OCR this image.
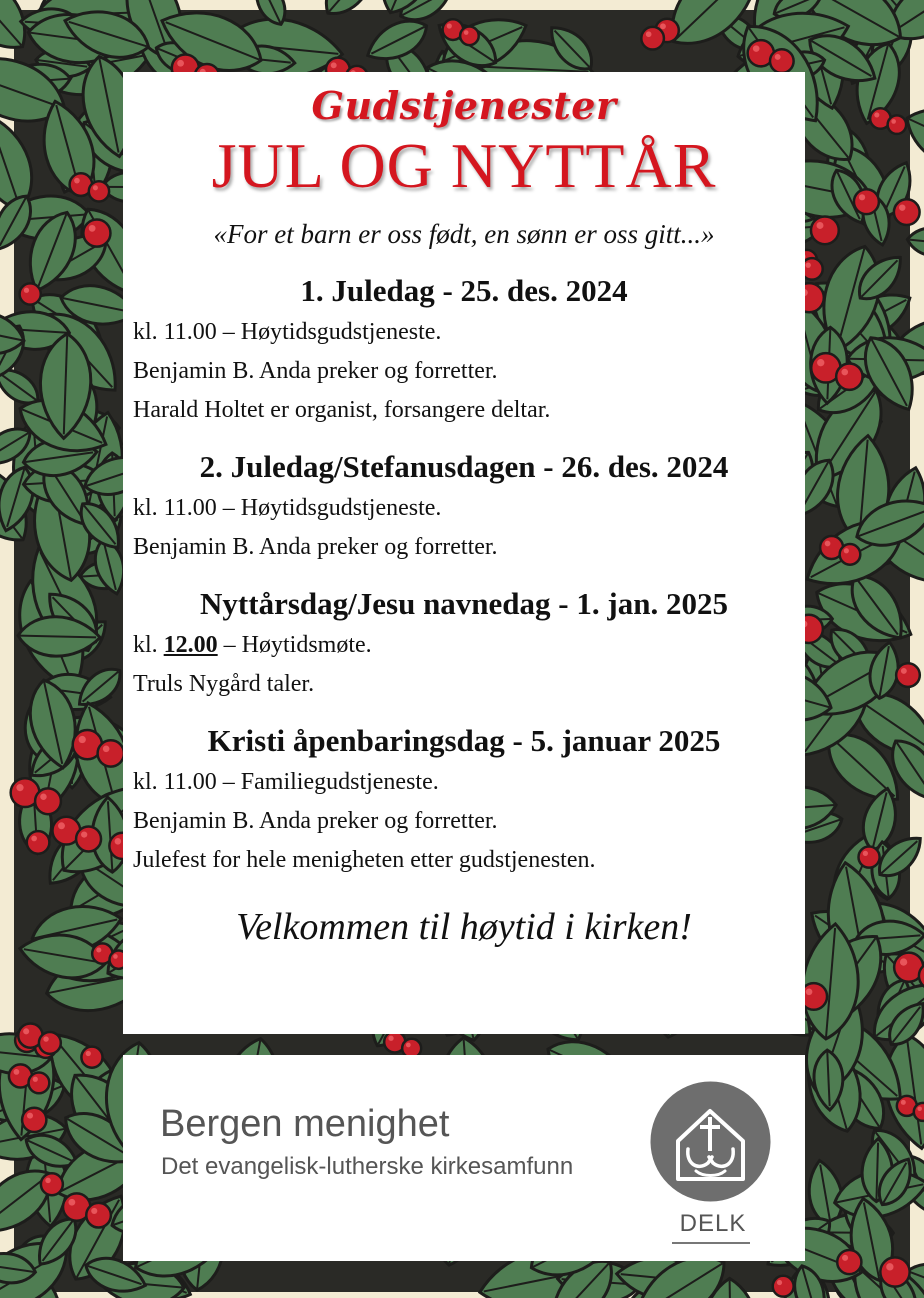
Gudstjenester
JUL OG NYTTÅR
«For et barn er oss født, en sønn er oss gitt...»
1. Juledag - 25. des. 2024
kl. 11.00 – Høytidsgudstjeneste.
Benjamin B. Anda preker og forretter.
Harald Holtet er organist, forsangere deltar.
2. Juledag/Stefanusdagen - 26. des. 2024
kl. 11.00 – Høytidsgudstjeneste.
Benjamin B. Anda preker og forretter.
Nyttårsdag/Jesu navnedag - 1. jan. 2025
kl. 12.00 – Høytidsmøte.
Truls Nygård taler.
Kristi åpenbaringsdag - 5. januar 2025
kl. 11.00 – Familiegudstjeneste.
Benjamin B. Anda preker og forretter.
Julefest for hele menigheten etter gudstjenesten.
Velkommen til høytid i kirken!
Bergen menighet
Det evangelisk-lutherske kirkesamfunn
DELK
